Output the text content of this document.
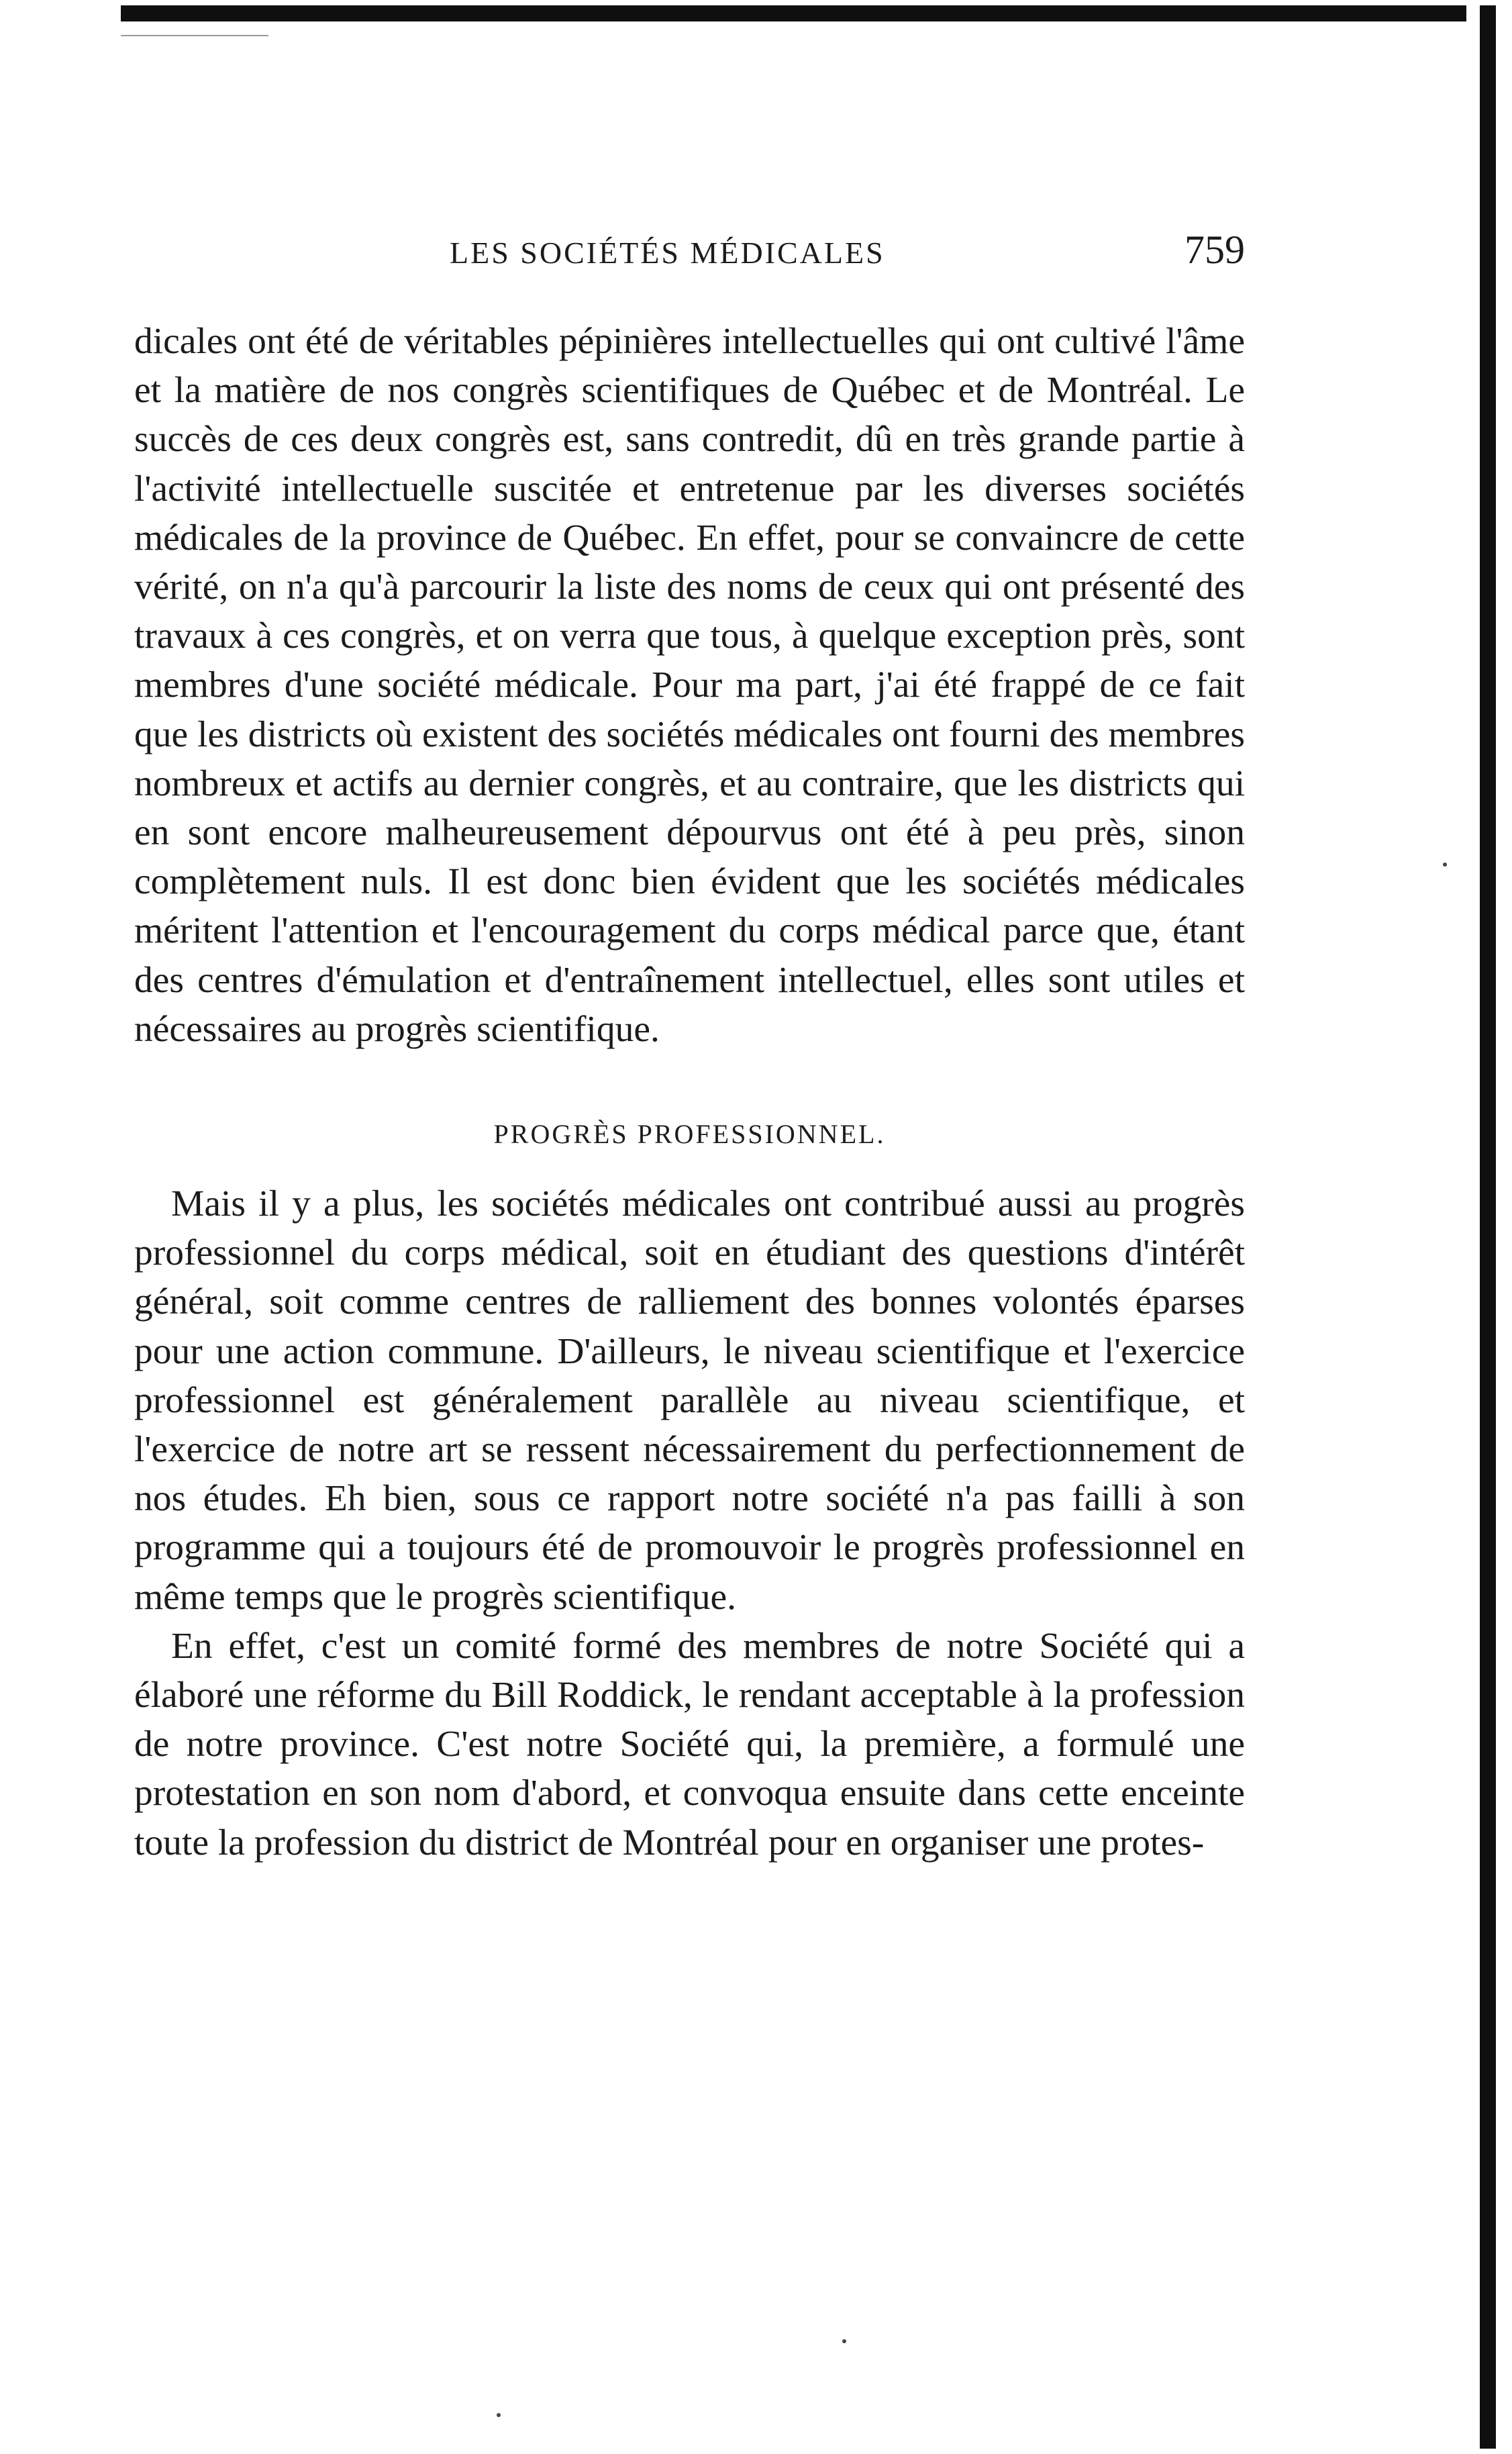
LES SOCIÉTÉS MÉDICALES	759

dicales ont été de véritables pépinières intellectuelles qui ont cultivé l'âme et la matière de nos congrès scientifiques de Québec et de Montréal. Le succès de ces deux congrès est, sans contredit, dû en très grande partie à l'activité intellectuelle suscitée et entretenue par les diverses sociétés médicales de la province de Québec. En effet, pour se convaincre de cette vérité, on n'a qu'à parcourir la liste des noms de ceux qui ont présenté des travaux à ces congrès, et on verra que tous, à quelque exception près, sont membres d'une société médicale. Pour ma part, j'ai été frappé de ce fait que les districts où existent des sociétés médicales ont fourni des membres nombreux et actifs au dernier congrès, et au contraire, que les districts qui en sont encore malheureusement dépourvus ont été à peu près, sinon complètement nuls. Il est donc bien évident que les sociétés médicales méritent l'attention et l'encouragement du corps médical parce que, étant des centres d'émulation et d'entraînement intellectuel, elles sont utiles et nécessaires au progrès scientifique.

PROGRÈS PROFESSIONNEL.

Mais il y a plus, les sociétés médicales ont contribué aussi au progrès professionnel du corps médical, soit en étudiant des questions d'intérêt général, soit comme centres de ralliement des bonnes volontés éparses pour une action commune. D'ailleurs, le niveau scientifique et l'exercice professionnel est généralement parallèle au niveau scientifique, et l'exercice de notre art se ressent nécessairement du perfectionnement de nos études. Eh bien, sous ce rapport notre société n'a pas failli à son programme qui a toujours été de promouvoir le progrès professionnel en même temps que le progrès scientifique.

En effet, c'est un comité formé des membres de notre Société qui a élaboré une réforme du Bill Roddick, le rendant acceptable à la profession de notre province. C'est notre Société qui, la première, a formulé une protestation en son nom d'abord, et convoqua ensuite dans cette enceinte toute la profession du district de Montréal pour en organiser une protes-
